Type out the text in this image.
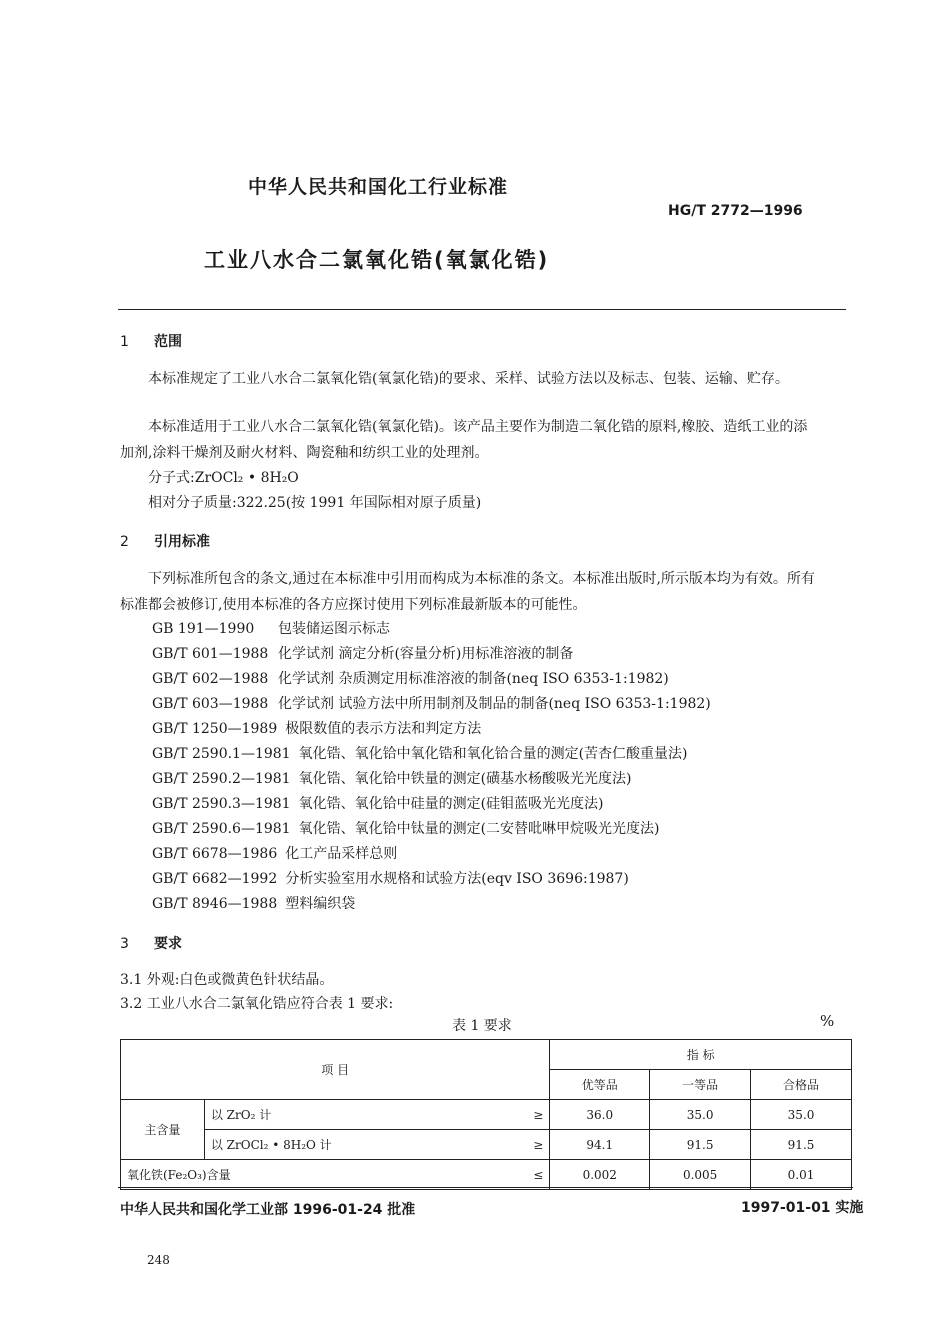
中华人民共和国化工行业标准
HG/T 2772—1996
工业八水合二氯氧化锆(氧氯化锆)
1 范围
本标准规定了工业八水合二氯氧化锆(氧氯化锆)的要求、采样、试验方法以及标志、包装、运输、贮存。
本标准适用于工业八水合二氯氧化锆(氧氯化锆)。该产品主要作为制造二氧化锆的原料,橡胶、造纸工业的添加剂,涂料干燥剂及耐火材料、陶瓷釉和纺织工业的处理剂。
分子式:ZrOCl₂ • 8H₂O
相对分子质量:322.25(按 1991 年国际相对原子质量)
2 引用标准
下列标准所包含的条文,通过在本标准中引用而构成为本标准的条文。本标准出版时,所示版本均为有效。所有标准都会被修订,使用本标准的各方应探讨使用下列标准最新版本的可能性。
GB 191—1990 包装储运图示标志
GB/T 601—1988 化学试剂 滴定分析(容量分析)用标准溶液的制备
GB/T 602—1988 化学试剂 杂质测定用标准溶液的制备(neq ISO 6353-1:1982)
GB/T 603—1988 化学试剂 试验方法中所用制剂及制品的制备(neq ISO 6353-1:1982)
GB/T 1250—1989 极限数值的表示方法和判定方法
GB/T 2590.1—1981 氧化锆、氧化铪中氧化锆和氧化铪合量的测定(苦杏仁酸重量法)
GB/T 2590.2—1981 氧化锆、氧化铪中铁量的测定(磺基水杨酸吸光光度法)
GB/T 2590.3—1981 氧化锆、氧化铪中硅量的测定(硅钼蓝吸光光度法)
GB/T 2590.6—1981 氧化锆、氧化铪中钛量的测定(二安替吡啉甲烷吸光光度法)
GB/T 6678—1986 化工产品采样总则
GB/T 6682—1992 分析实验室用水规格和试验方法(eqv ISO 3696:1987)
GB/T 8946—1988 塑料编织袋
3 要求
3.1 外观:白色或微黄色针状结晶。
3.2 工业八水合二氯氧化锆应符合表 1 要求:
表 1 要求	%
项 目			指 标		
			优等品	一等品	合格品
主含量	以 ZrO₂ 计	≥	36.0	35.0	35.0
	以 ZrOCl₂ • 8H₂O 计	≥	94.1	91.5	91.5
氧化铁(Fe₂O₃)含量		≤	0.002	0.005	0.01
中华人民共和国化学工业部 1996-01-24 批准	1997-01-01 实施
248
